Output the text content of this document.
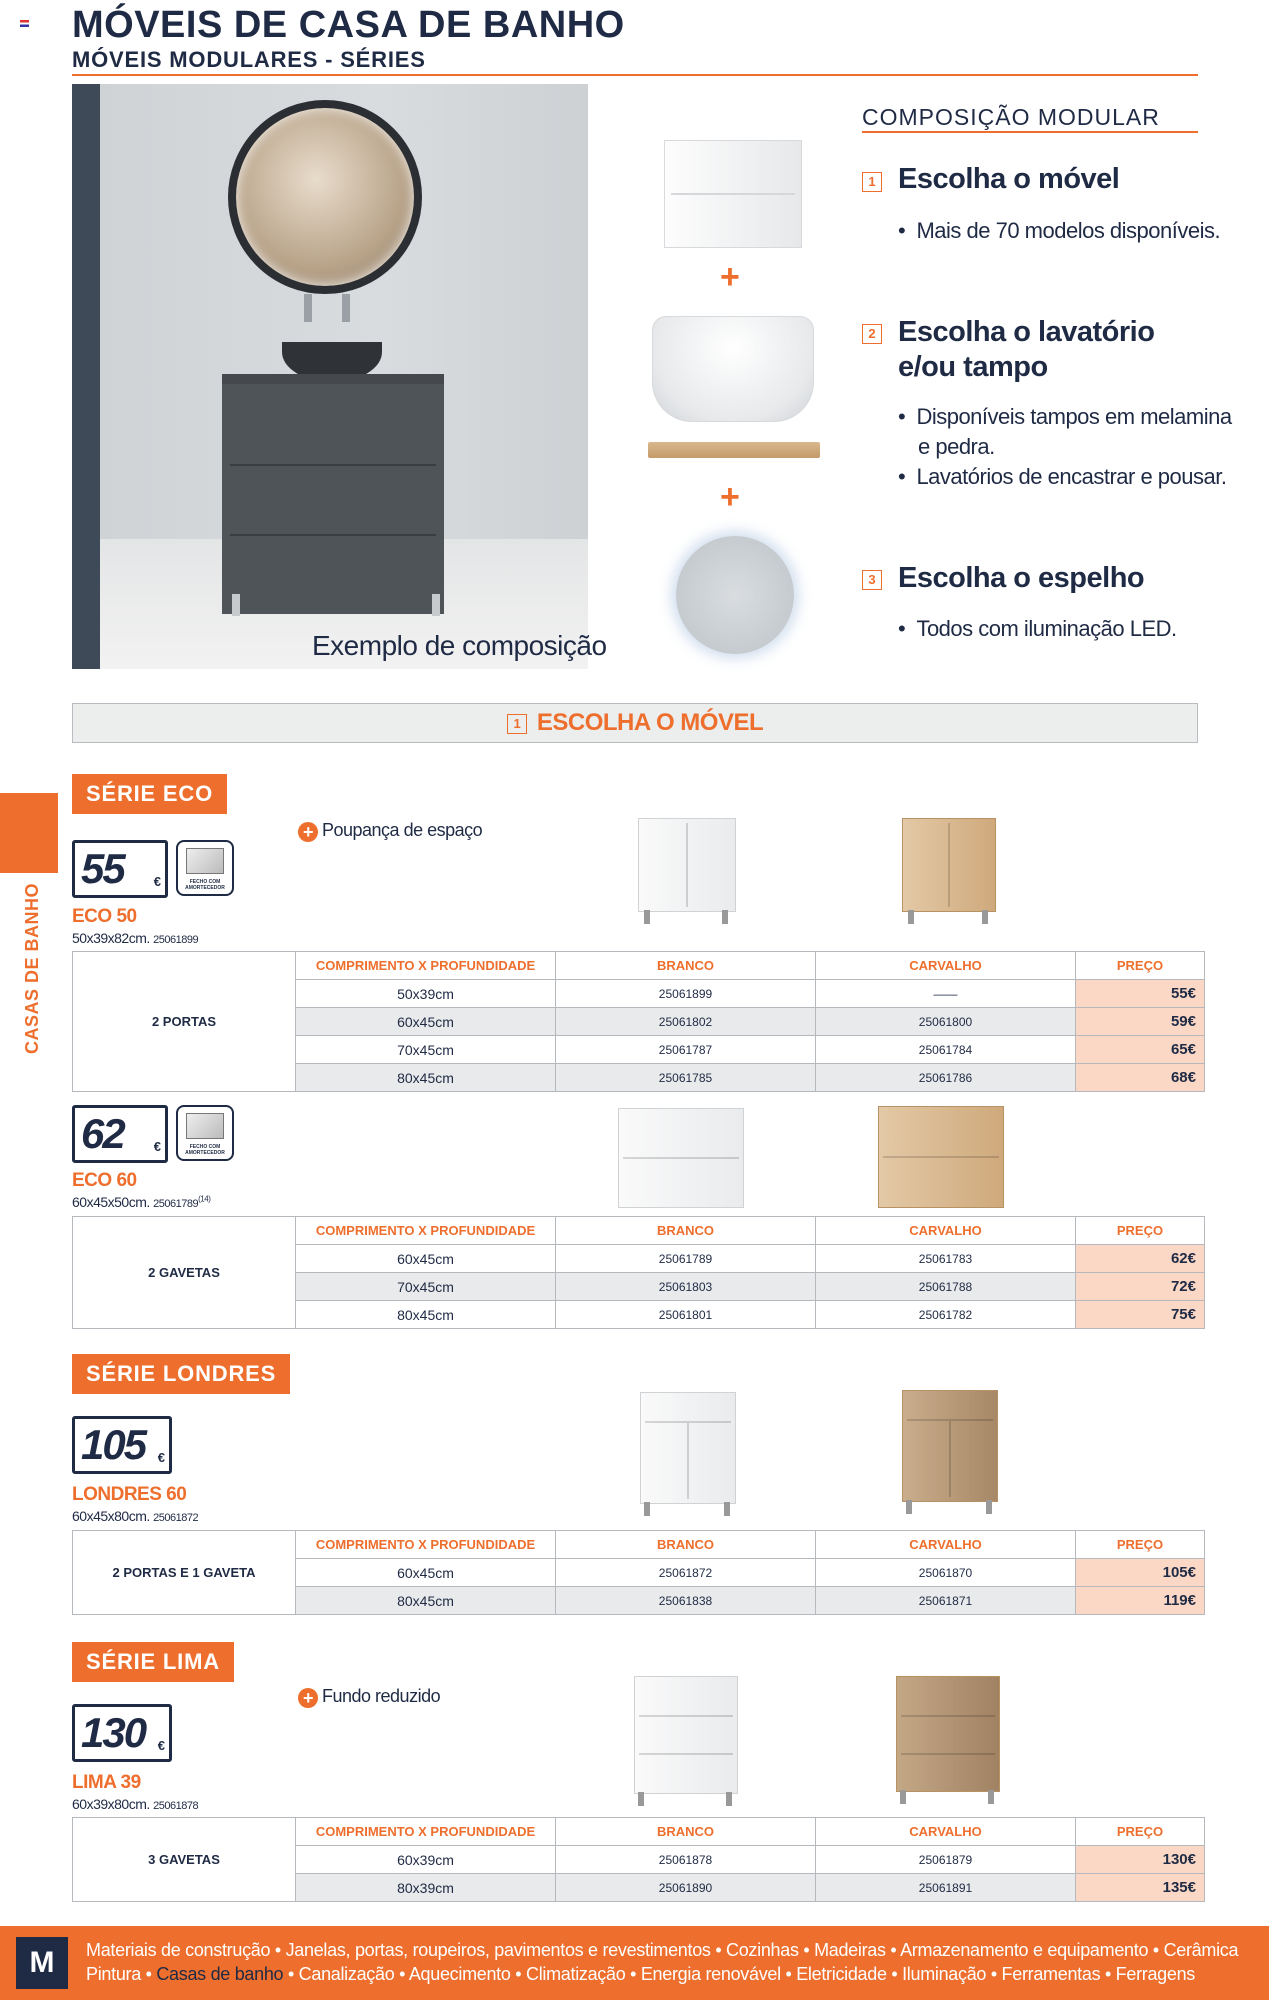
MÓVEIS DE CASA DE BANHO
MÓVEIS MODULARES - SÉRIES
Exemplo de composição
+
+
COMPOSIÇÃO MODULAR
1 Escolha o móvel
•  Mais de 70 modelos disponíveis.
2 Escolha o lavatório
e/ou tampo
•  Disponíveis tampos em melamina
e pedra.
•  Lavatórios de encastrar e pousar.
3 Escolha o espelho
•  Todos com iluminação LED.
1 ESCOLHA O MÓVEL
CASAS DE BANHO
SÉRIE ECO
+ Poupança de espaço
55 €	FECHO COM AMORTECEDOR
ECO 50
50x39x82cm. 25061899
2 PORTAS	COMPRIMENTO X PROFUNDIDADE	BRANCO	CARVALHO	PREÇO
	50x39cm	25061899	——	55€
	60x45cm	25061802	25061800	59€
	70x45cm	25061787	25061784	65€
	80x45cm	25061785	25061786	68€
62 €	FECHO COM AMORTECEDOR
ECO 60
60x45x50cm. 25061789$^{(14)}$
2 GAVETAS	COMPRIMENTO X PROFUNDIDADE	BRANCO	CARVALHO	PREÇO
	60x45cm	25061789	25061783	62€
	70x45cm	25061803	25061788	72€
	80x45cm	25061801	25061782	75€
SÉRIE LONDRES
105 €
LONDRES 60
60x45x80cm. 25061872
2 PORTAS E 1 GAVETA	COMPRIMENTO X PROFUNDIDADE	BRANCO	CARVALHO	PREÇO
	60x45cm	25061872	25061870	105€
	80x45cm	25061838	25061871	119€
SÉRIE LIMA
+ Fundo reduzido
130 €
LIMA 39
60x39x80cm. 25061878
3 GAVETAS	COMPRIMENTO X PROFUNDIDADE	BRANCO	CARVALHO	PREÇO
	60x39cm	25061878	25061879	130€
	80x39cm	25061890	25061891	135€
M	Materiais de construção • Janelas, portas, roupeiros, pavimentos e revestimentos • Cozinhas • Madeiras • Armazenamento e equipamento • Cerâmica
Pintura • Casas de banho • Canalização • Aquecimento • Climatização • Energia renovável • Eletricidade • Iluminação • Ferramentas • Ferragens
